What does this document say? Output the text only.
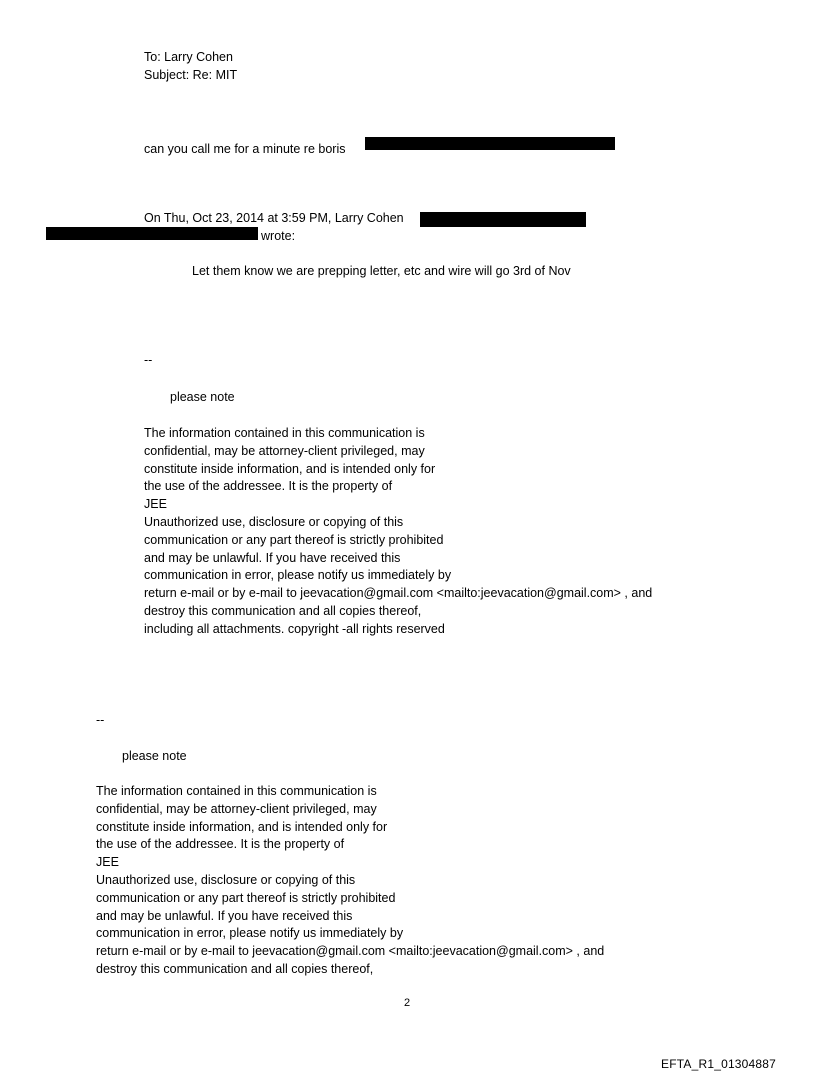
To: Larry Cohen
Subject: Re: MIT
can you call me for a minute re boris
On Thu, Oct 23, 2014 at 3:59 PM, Larry Cohen
wrote:
Let them know we are prepping letter, etc and wire will go 3rd of Nov
--
please note
The information contained in this communication is
confidential, may be attorney-client privileged, may
constitute inside information, and is intended only for
the use of the addressee. It is the property of
JEE
Unauthorized use, disclosure or copying of this
communication or any part thereof is strictly prohibited
and may be unlawful. If you have received this
communication in error, please notify us immediately by
return e-mail or by e-mail to jeevacation@gmail.com <mailto:jeevacation@gmail.com> , and
destroy this communication and all copies thereof,
including all attachments. copyright -all rights reserved
--
please note
The information contained in this communication is
confidential, may be attorney-client privileged, may
constitute inside information, and is intended only for
the use of the addressee. It is the property of
JEE
Unauthorized use, disclosure or copying of this
communication or any part thereof is strictly prohibited
and may be unlawful. If you have received this
communication in error, please notify us immediately by
return e-mail or by e-mail to jeevacation@gmail.com <mailto:jeevacation@gmail.com> , and
destroy this communication and all copies thereof,
2
EFTA_R1_01304887
